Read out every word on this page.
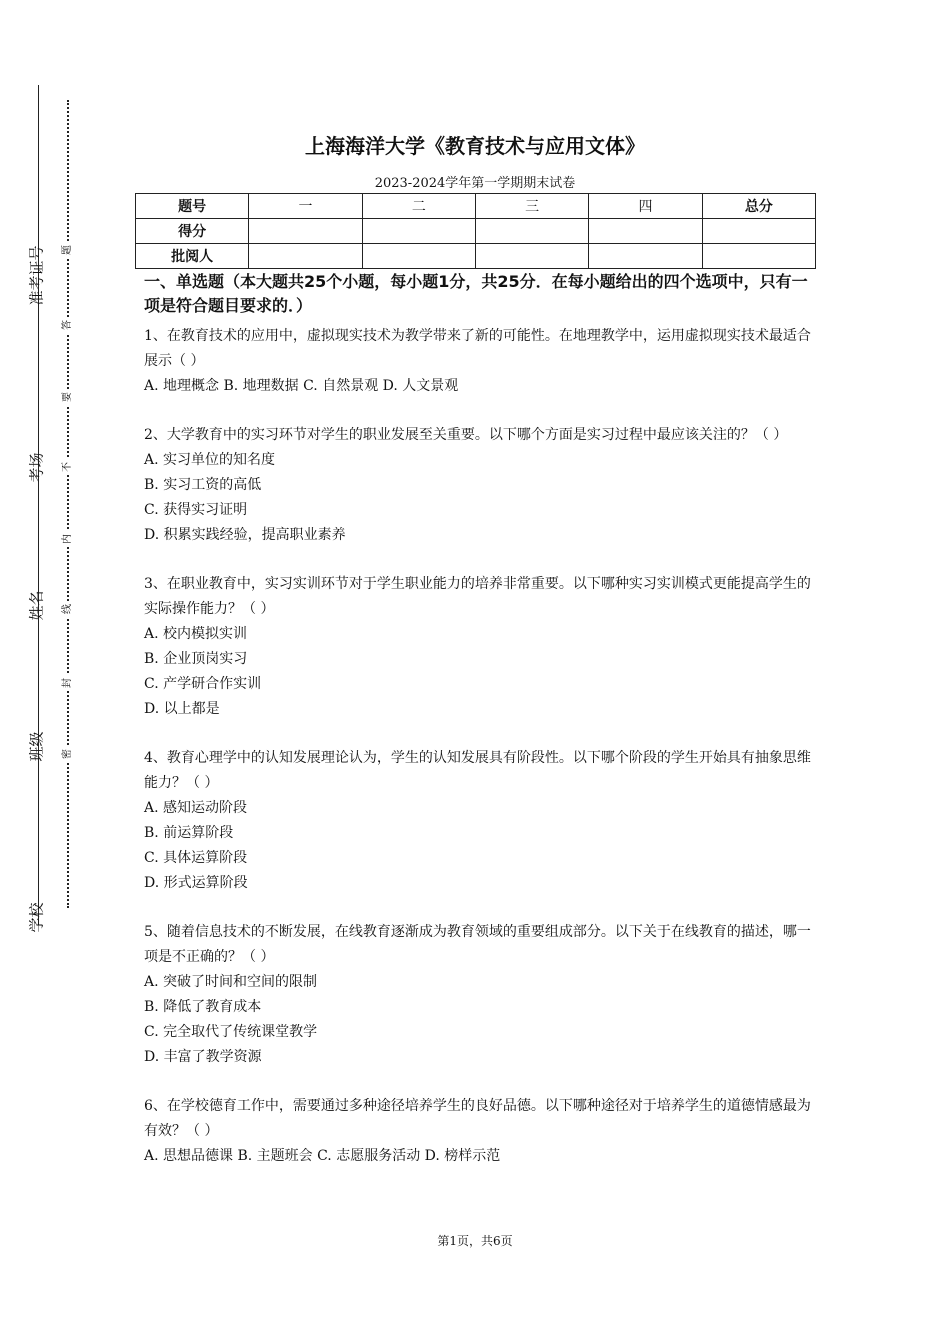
准考证号
考场
姓名
班级
学校
题
答
要
不
内
线
封
密
上海海洋大学《教育技术与应用文体》
2023-2024学年第一学期期末试卷
题号	一	二	三	四	总分
得分					
批阅人					

一、单选题（本大题共25个小题，每小题1分，共25分．在每小题给出的四个选项中，只有一项是符合题目要求的．）

1、在教育技术的应用中，虚拟现实技术为教学带来了新的可能性。在地理教学中，运用虚拟现实技术最适合展示（ ）

A. 地理概念 B. 地理数据 C. 自然景观 D. 人文景观

2、大学教育中的实习环节对学生的职业发展至关重要。以下哪个方面是实习过程中最应该关注的？（ ）

A. 实习单位的知名度

B. 实习工资的高低

C. 获得实习证明

D. 积累实践经验，提高职业素养

3、在职业教育中，实习实训环节对于学生职业能力的培养非常重要。以下哪种实习实训模式更能提高学生的实际操作能力？（ ）

A. 校内模拟实训

B. 企业顶岗实习

C. 产学研合作实训

D. 以上都是

4、教育心理学中的认知发展理论认为，学生的认知发展具有阶段性。以下哪个阶段的学生开始具有抽象思维能力？（ ）

A. 感知运动阶段

B. 前运算阶段

C. 具体运算阶段

D. 形式运算阶段

5、随着信息技术的不断发展，在线教育逐渐成为教育领域的重要组成部分。以下关于在线教育的描述，哪一项是不正确的？（ ）

A. 突破了时间和空间的限制

B. 降低了教育成本

C. 完全取代了传统课堂教学

D. 丰富了教学资源

6、在学校德育工作中，需要通过多种途径培养学生的良好品德。以下哪种途径对于培养学生的道德情感最为有效？（ ）

A. 思想品德课 B. 主题班会 C. 志愿服务活动 D. 榜样示范

第1页，共6页
